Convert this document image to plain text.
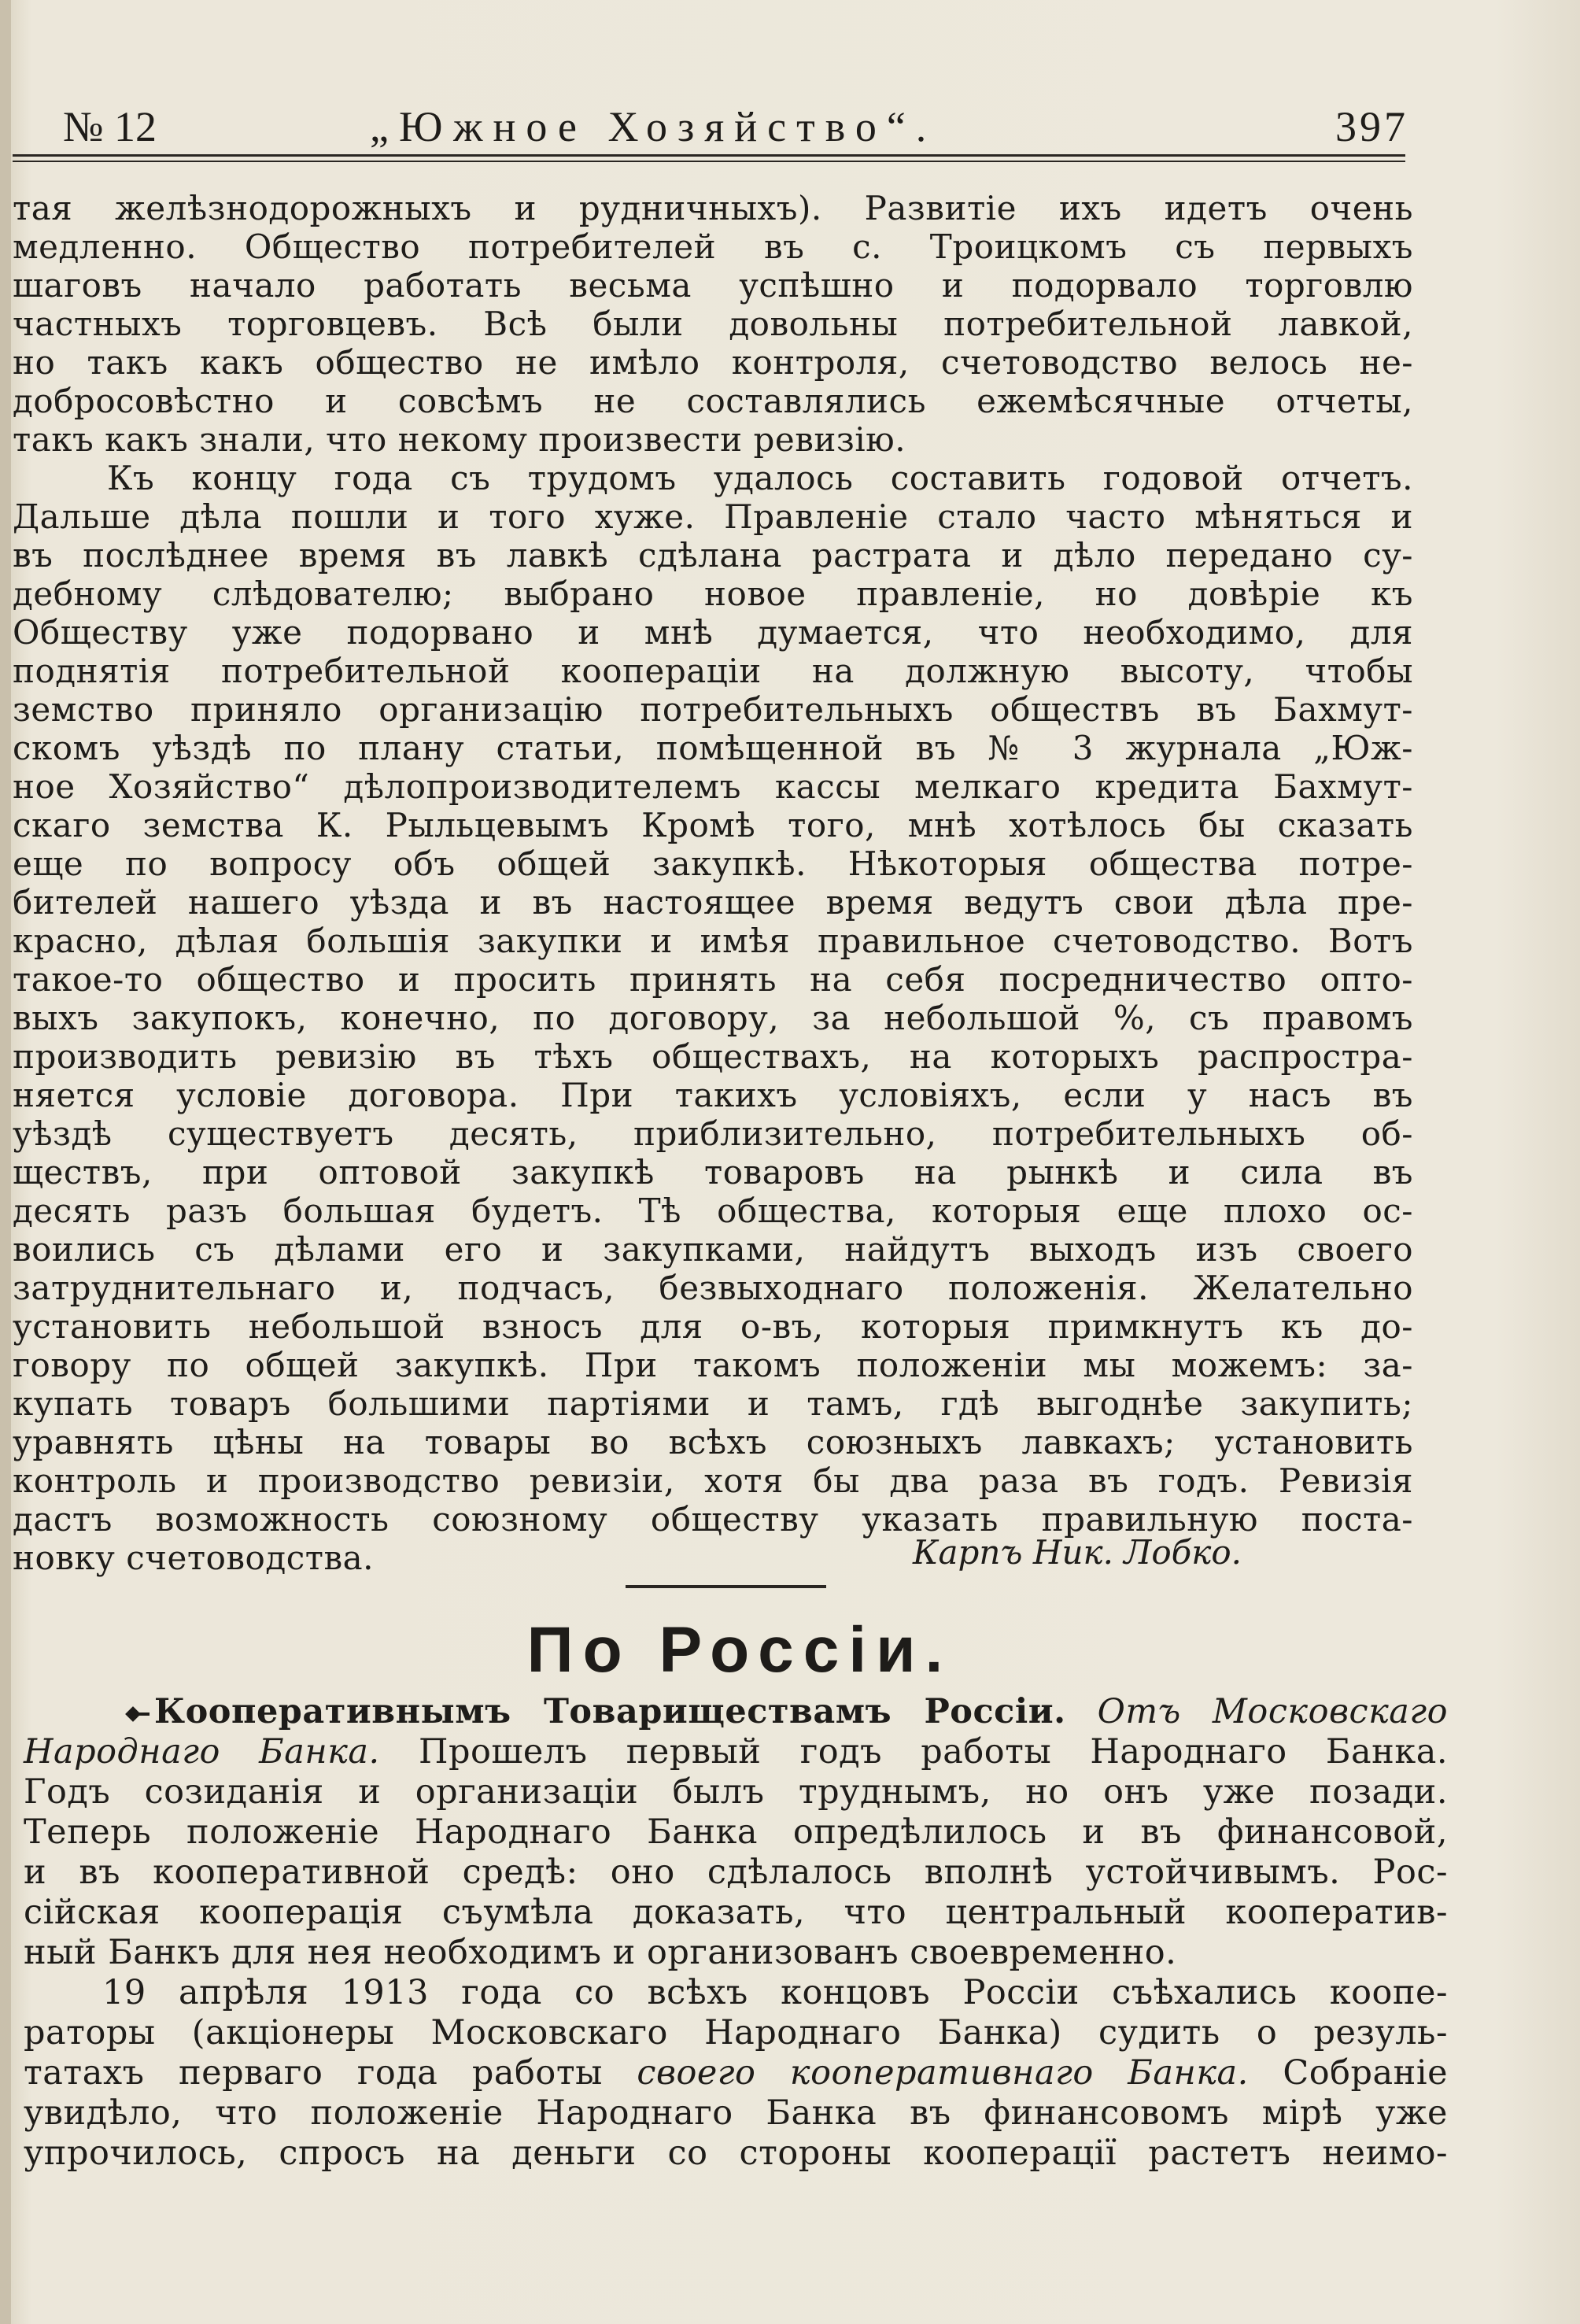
№ 12	„Южное Хозяйство“.	397
тая желѣзнодорожныхъ и рудничныхъ). Развитіе ихъ идетъ очень
медленно. Общество потребителей въ с. Троицкомъ съ первыхъ
шаговъ начало работать весьма успѣшно и подорвало торговлю
частныхъ торговцевъ. Всѣ были довольны потребительной лавкой,
но такъ какъ общество не имѣло контроля, счетоводство велось не-
добросовѣстно и совсѣмъ не составлялись ежемѣсячные отчеты,
такъ какъ знали, что некому произвести ревизію.
Къ концу года съ трудомъ удалось составить годовой отчетъ.
Дальше дѣла пошли и того хуже. Правленіе стало часто мѣняться и
въ послѣднее время въ лавкѣ сдѣлана растрата и дѣло передано су-
дебному слѣдователю; выбрано новое правленіе, но довѣріе къ
Обществу уже подорвано и мнѣ думается, что необходимо, для
поднятія потребительной кооперацiи на должную высоту, чтобы
земство приняло организацію потребительныхъ обществъ въ Бахмут-
скомъ уѣздѣ по плану статьи, помѣщенной въ № 3 журнала „Юж-
ное Хозяйство“ дѣлопроизводителемъ кассы мелкаго кредита Бахмут-
скаго земства К. Рыльцевымъ Кромѣ того, мнѣ хотѣлось бы сказать
еще по вопросу объ общей закупкѣ. Нѣкоторыя общества потре-
бителей нашего уѣзда и въ настоящее время ведутъ свои дѣла пре-
красно, дѣлая большія закупки и имѣя правильное счетоводство. Вотъ
такое-то общество и просить принять на себя посредничество опто-
выхъ закупокъ, конечно, по договору, за небольшой %, съ правомъ
производить ревизію въ тѣхъ обществахъ, на которыхъ распростра-
няется условіе договора. При такихъ условіяхъ, если у насъ въ
уѣздѣ существуетъ десять, приблизительно, потребительныхъ об-
ществъ, при оптовой закупкѣ товаровъ на рынкѣ и сила въ
десять разъ большая будетъ. Тѣ общества, которыя еще плохо ос-
воились съ дѣлами его и закупками, найдутъ выходъ изъ своего
затруднительнаго и, подчасъ, безвыходнаго положенія. Желательно
установить небольшой взносъ для о-въ, которыя примкнутъ къ до-
говору по общей закупкѣ. При такомъ положеніи мы можемъ: за-
купать товаръ большими партіями и тамъ, гдѣ выгоднѣе закупить;
уравнять цѣны на товары во всѣхъ союзныхъ лавкахъ; установить
контроль и производство ревизіи, хотя бы два раза въ годъ. Ревизія
дастъ возможность союзному обществу указать правильную поста-
новку счетоводства.	Карпъ Ник. Лобко.
По Россіи.
Кооперативнымъ Товариществамъ Россіи. Отъ Московскаго
Народнаго Банка. Прошелъ первый годъ работы Народнаго Банка.
Годъ созиданія и организаціи былъ труднымъ, но онъ уже позади.
Теперь положеніе Народнаго Банка опредѣлилось и въ финансовой,
и въ кооперативной средѣ: оно сдѣлалось вполнѣ устойчивымъ. Рос-
сійская кооперація съумѣла доказать, что центральный кооператив-
ный Банкъ для нея необходимъ и организованъ своевременно.
19 апрѣля 1913 года со всѣхъ концовъ Россіи съѣхались коопе-
раторы (акціонеры Московскаго Народнаго Банка) судить о резуль-
татахъ перваго года работы своего кооперативнаго Банка. Собраніе
увидѣло, что положеніе Народнаго Банка въ финансовомъ мірѣ уже
упрочилось, спросъ на деньги со стороны кооперації растетъ неимо-
